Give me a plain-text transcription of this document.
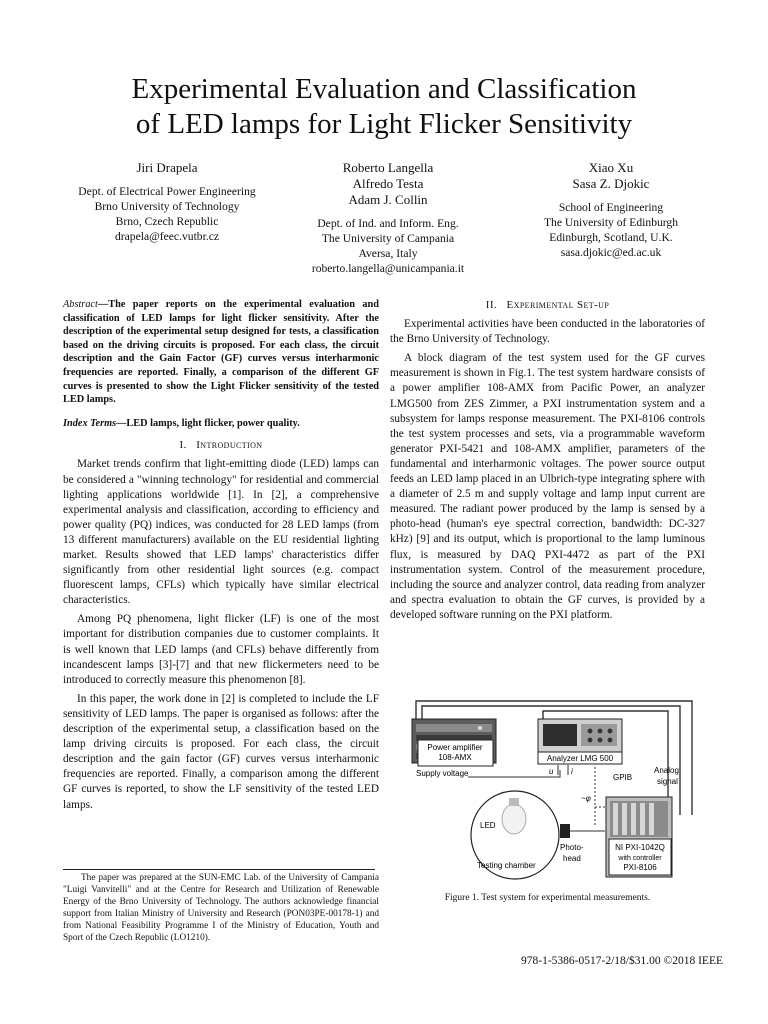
Experimental Evaluation and Classification
of LED lamps for Light Flicker Sensitivity
Jiri Drapela
Dept. of Electrical Power Engineering
Brno University of Technology
Brno, Czech Republic
drapela@feec.vutbr.cz
Roberto Langella
Alfredo Testa
Adam J. Collin
Dept. of Ind. and Inform. Eng.
The University of Campania
Aversa, Italy
roberto.langella@unicampania.it
Xiao Xu
Sasa Z. Djokic
School of Engineering
The University of Edinburgh
Edinburgh, Scotland, U.K.
sasa.djokic@ed.ac.uk

Abstract—The paper reports on the experimental evaluation and classification of LED lamps for light flicker sensitivity. After the description of the experimental setup designed for tests, a classification based on the driving circuits is proposed. For each class, the circuit description and the Gain Factor (GF) curves versus interharmonic frequencies are reported. Finally, a comparison of the different GF curves is presented to show the Light Flicker sensitivity of the tested LED lamps.

Index Terms—LED lamps, light flicker, power quality.

I. Introduction

Market trends confirm that light-emitting diode (LED) lamps can be considered a "winning technology" for residential and commercial lighting applications worldwide [1]. In [2], a comprehensive experimental analysis and classification, according to efficiency and power quality (PQ) indices, was conducted for 28 LED lamps (from 13 different manufacturers) available on the EU residential lighting market. Results showed that LED lamps' characteristics differ significantly from other residential light sources (e.g. compact fluorescent lamps, CFLs) which typically have similar electrical characteristics.

Among PQ phenomena, light flicker (LF) is one of the most important for distribution companies due to customer complaints. It is well known that LED lamps (and CFLs) behave differently from incandescent lamps [3]-[7] and that new flickermeters need to be introduced to correctly measure this phenomenon [8].

In this paper, the work done in [2] is completed to include the LF sensitivity of LED lamps. The paper is organised as follows: after the description of the experimental setup, a classification based on the lamp driving circuits is proposed. For each class, the circuit description and the gain factor (GF) curves versus interharmonic frequencies are reported. Finally, a comparison among the different GF curves is reported, to show the LF sensitivity of the tested LED lamps.

The paper was prepared at the SUN-EMC Lab. of the University of Campania "Luigi Vanvitelli" and at the Centre for Research and Utilization of Renewable Energy of the Brno University of Technology. The authors acknowledge financial support from Italian Ministry of University and Research (PON03PE-00178-1) and from National Feasibility Programme I of the Ministry of Education, Youth and Sport of the Czech Republic (LO1210).
II. Experimental Set-up

Experimental activities have been conducted in the laboratories of the Brno University of Technology.

A block diagram of the test system used for the GF curves measurement is shown in Fig.1. The test system hardware consists of a power amplifier 108-AMX from Pacific Power, an analyzer LMG500 from ZES Zimmer, a PXI instrumentation system and a subsystem for lamps response measurement. The PXI-8106 controls the test system processes and sets, via a programmable waveform generator PXI-5421 and 108-AMX amplifier, parameters of the fundamental and interharmonic voltages. The power source output feeds an LED lamp placed in an Ulbrich-type integrating sphere with a diameter of 2.5 m and supply voltage and lamp input current are measured. The radiant power produced by the lamp is sensed by a photo-head (human's eye spectral correction, bandwidth: DC-327 kHz) [9] and its output, which is proportional to the lamp luminous flux, is measured by DAQ PXI-4472 as part of the PXI instrumentation system. Control of the measurement procedure, including the source and analyzer control, data reading from analyzer and spectra evaluation to obtain the GF curves, is provided by a developed software running on the PXI platform.

Power amplifier
108-AMX	Analyzer LMG 500
Supply voltage	u i
GPIB
Analog
signal
~φ
LED
Testing chamber
Photo-
head
NI PXI-1042Q
with controller
PXI-8106
Figure 1. Test system for experimental measurements.
978-1-5386-0517-2/18/$31.00 ©2018 IEEE
